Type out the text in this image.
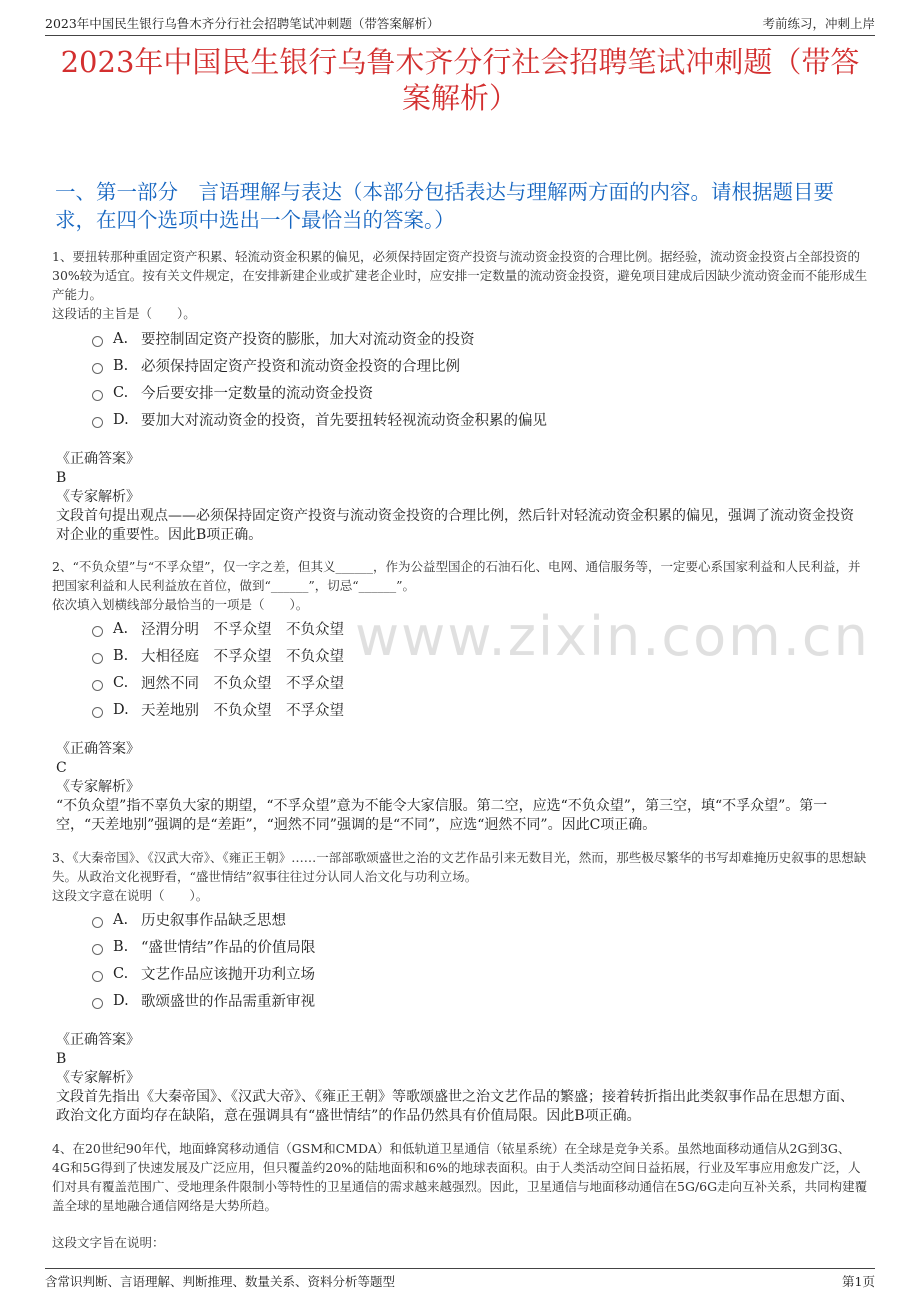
2023年中国民生银行乌鲁木齐分行社会招聘笔试冲刺题（带答案解析）	考前练习，冲刺上岸
2023年中国民生银行乌鲁木齐分行社会招聘笔试冲刺题（带答案解析）
一、第一部分　言语理解与表达（本部分包括表达与理解两方面的内容。请根据题目要求，在四个选项中选出一个最恰当的答案。）
1、要扭转那种重固定资产积累、轻流动资金积累的偏见，必须保持固定资产投资与流动资金投资的合理比例。据经验，流动资金投资占全部投资的30%较为适宜。按有关文件规定，在安排新建企业或扩建老企业时，应安排一定数量的流动资金投资，避免项目建成后因缺少流动资金而不能形成生产能力。
这段话的主旨是（　　）。
A. 要控制固定资产投资的膨胀，加大对流动资金的投资
B. 必须保持固定资产投资和流动资金投资的合理比例
C. 今后要安排一定数量的流动资金投资
D. 要加大对流动资金的投资，首先要扭转轻视流动资金积累的偏见
《正确答案》
B
《专家解析》
文段首句提出观点——必须保持固定资产投资与流动资金投资的合理比例，然后针对轻流动资金积累的偏见，强调了流动资金投资对企业的重要性。因此B项正确。
2、“不负众望”与“不孚众望”，仅一字之差，但其义______，作为公益型国企的石油石化、电网、通信服务等，一定要心系国家利益和人民利益，并把国家利益和人民利益放在首位，做到“______”，切忌“______”。
依次填入划横线部分最恰当的一项是（　　）。
A. 泾渭分明　不孚众望　不负众望
B. 大相径庭　不孚众望　不负众望
C. 迥然不同　不负众望　不孚众望
D. 天差地别　不负众望　不孚众望
《正确答案》
C
《专家解析》
“不负众望”指不辜负大家的期望，“不孚众望”意为不能令大家信服。第二空，应选“不负众望”，第三空，填“不孚众望”。第一空，“天差地别”强调的是“差距”，“迥然不同”强调的是“不同”，应选“迥然不同”。因此C项正确。
3、《大秦帝国》、《汉武大帝》、《雍正王朝》……一部部歌颂盛世之治的文艺作品引来无数目光，然而，那些极尽繁华的书写却难掩历史叙事的思想缺失。从政治文化视野看，“盛世情结”叙事往往过分认同人治文化与功利立场。
这段文字意在说明（　　）。
A. 历史叙事作品缺乏思想
B. “盛世情结”作品的价值局限
C. 文艺作品应该抛开功利立场
D. 歌颂盛世的作品需重新审视
《正确答案》
B
《专家解析》
文段首先指出《大秦帝国》、《汉武大帝》、《雍正王朝》等歌颂盛世之治文艺作品的繁盛；接着转折指出此类叙事作品在思想方面、政治文化方面均存在缺陷，意在强调具有“盛世情结”的作品仍然具有价值局限。因此B项正确。
4、在20世纪90年代，地面蜂窝移动通信（GSM和CMDA）和低轨道卫星通信（铱星系统）在全球是竞争关系。虽然地面移动通信从2G到3G、4G和5G得到了快速发展及广泛应用，但只覆盖约20%的陆地面积和6%的地球表面积。由于人类活动空间日益拓展，行业及军事应用愈发广泛，人们对具有覆盖范围广、受地理条件限制小等特性的卫星通信的需求越来越强烈。因此，卫星通信与地面移动通信在5G/6G走向互补关系，共同构建覆盖全球的星地融合通信网络是大势所趋。
这段文字旨在说明：
www.zixin.com.cn
含常识判断、言语理解、判断推理、数量关系、资料分析等题型	第1页
